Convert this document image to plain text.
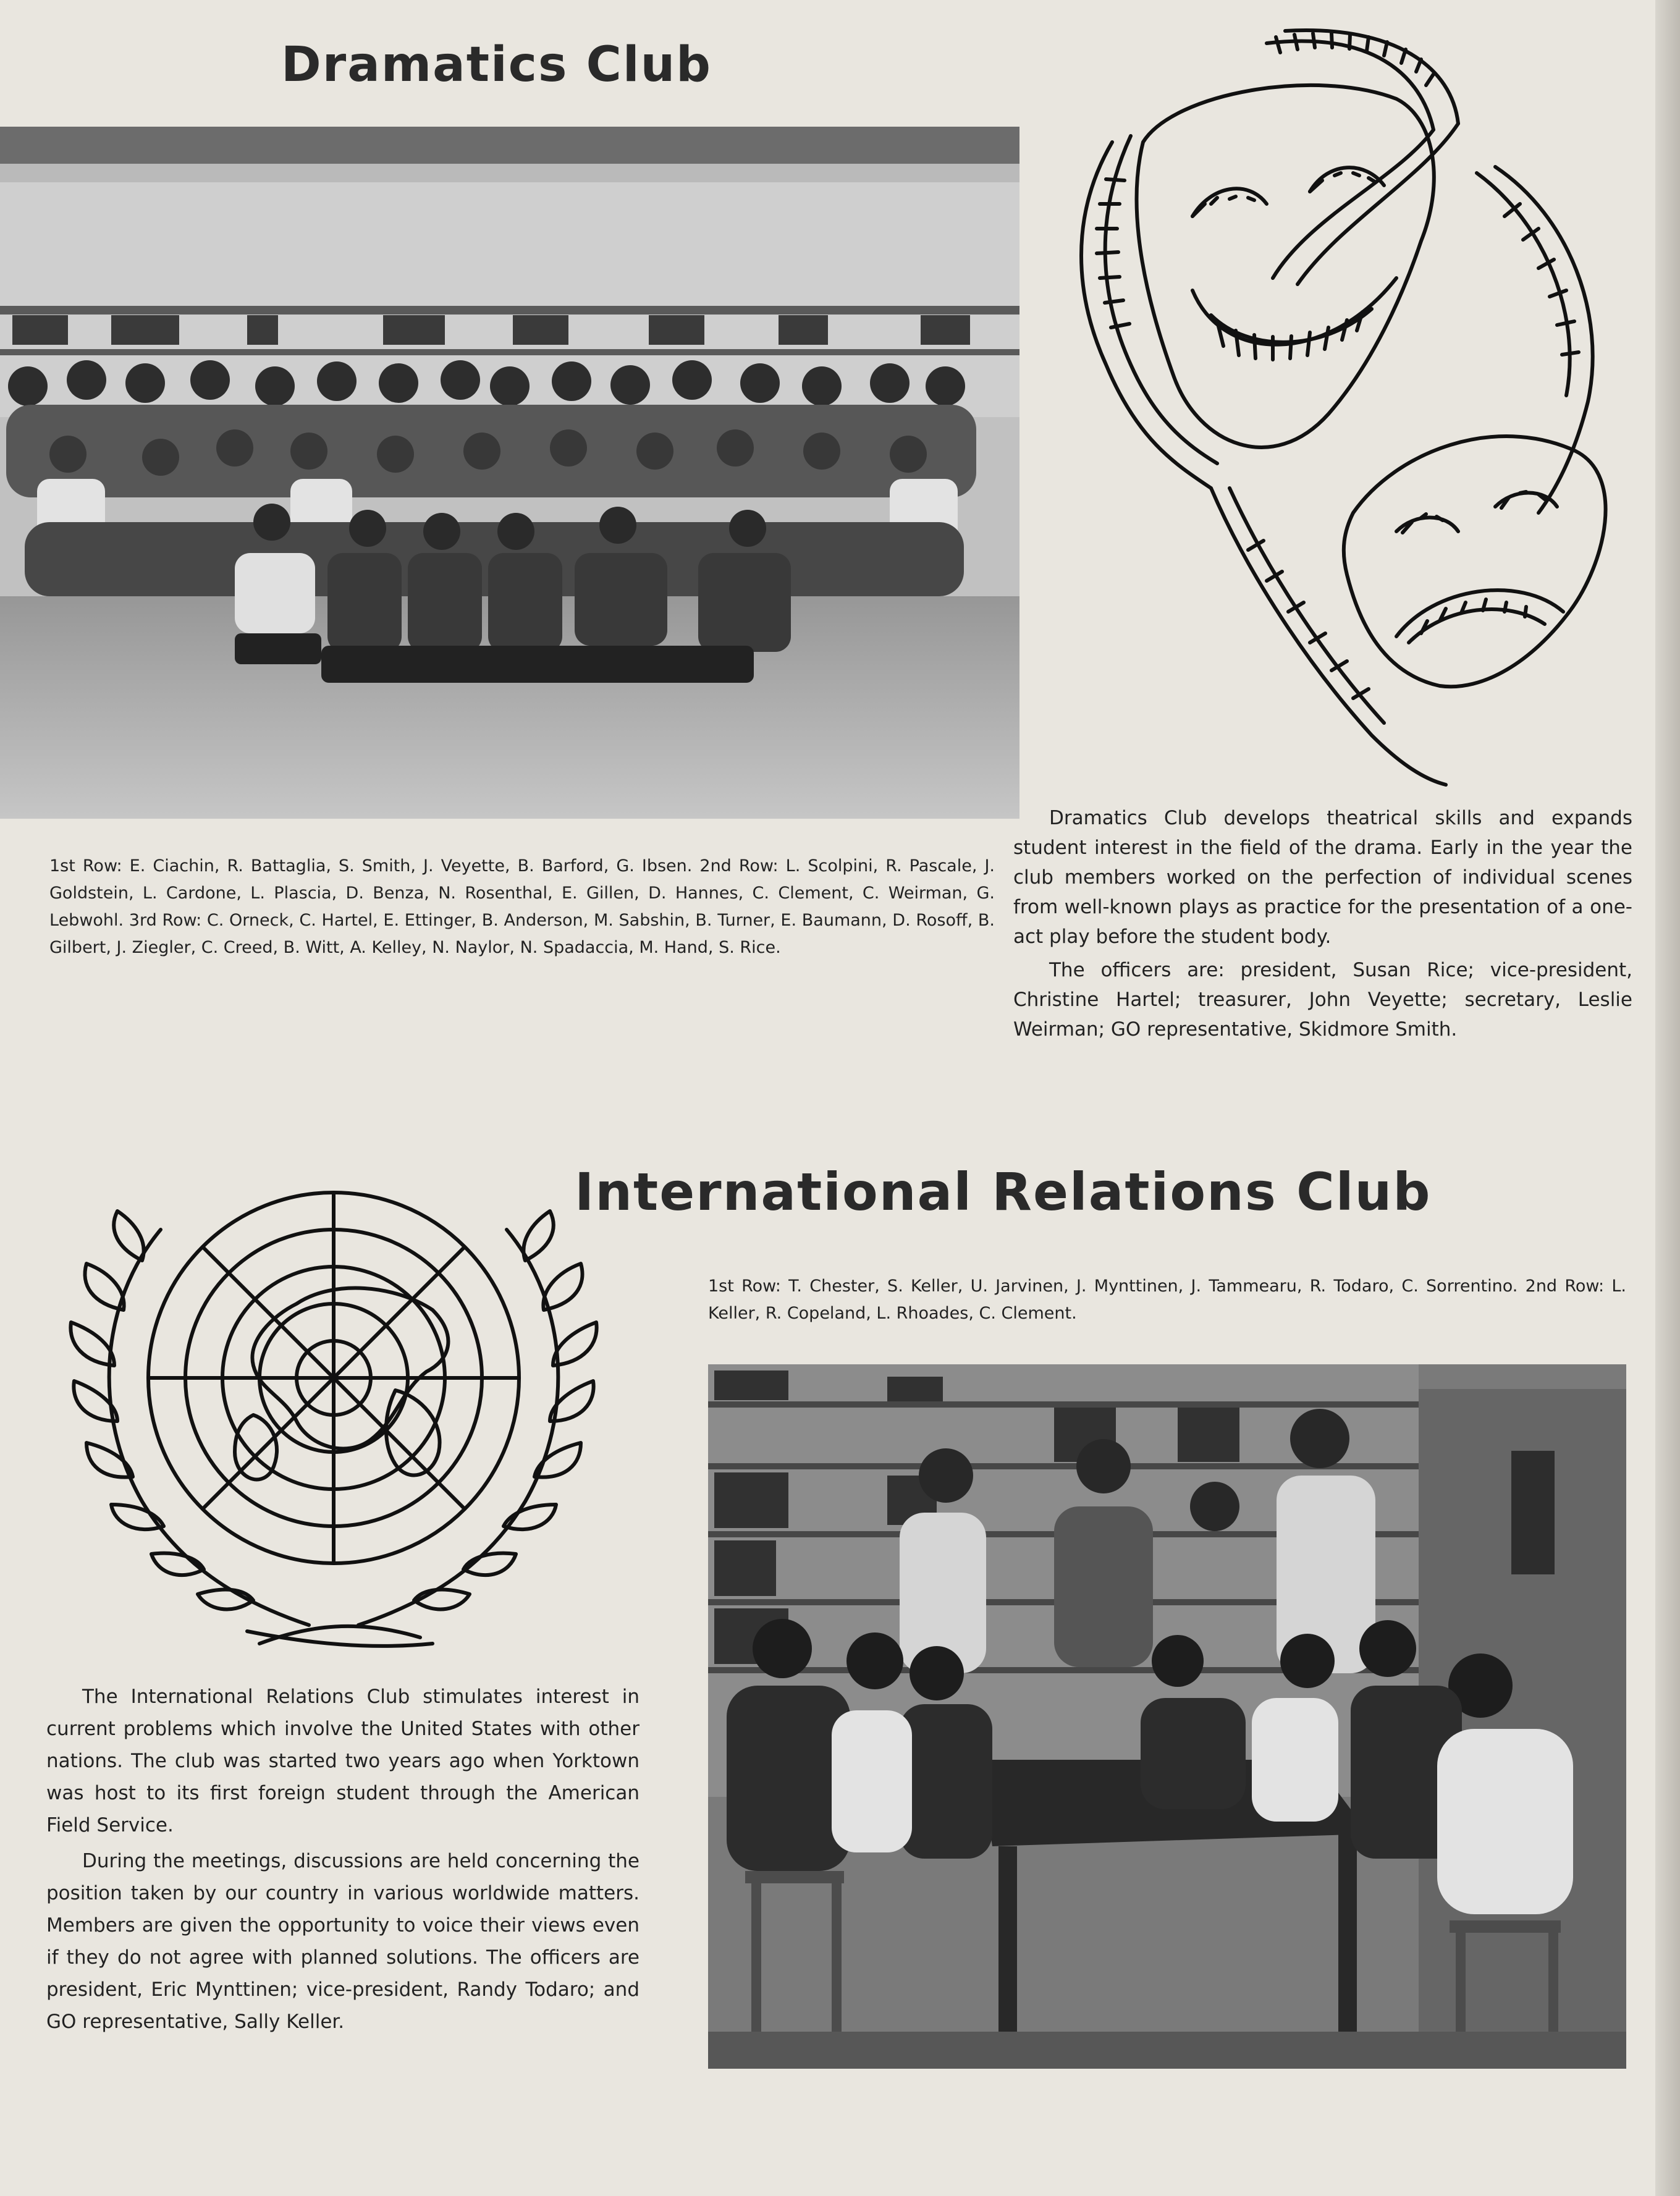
Dramatics Club
1st Row: E. Ciachin, R. Battaglia, S. Smith, J. Veyette, B. Barford, G. Ibsen. 2nd Row: L. Scolpini, R. Pascale, J. Goldstein, L. Cardone, L. Plascia, D. Benza, N. Rosenthal, E. Gillen, D. Hannes, C. Clement, C. Weirman, G. Lebwohl. 3rd Row: C. Orneck, C. Hartel, E. Ettinger, B. Anderson, M. Sabshin, B. Turner, E. Baumann, D. Rosoff, B. Gilbert, J. Ziegler, C. Creed, B. Witt, A. Kelley, N. Naylor, N. Spadaccia, M. Hand, S. Rice.

Dramatics Club develops theatrical skills and expands student interest in the field of the drama. Early in the year the club members worked on the perfection of individual scenes from well-known plays as practice for the presentation of a one-act play before the student body.

The officers are: president, Susan Rice; vice-president, Christine Hartel; treasurer, John Veyette; secretary, Leslie Weirman; GO representative, Skidmore Smith.

International Relations Club
1st Row: T. Chester, S. Keller, U. Jarvinen, J. Mynttinen, J. Tammearu, R. Todaro, C. Sorrentino. 2nd Row: L. Keller, R. Copeland, L. Rhoades, C. Clement.

The International Relations Club stimulates interest in current problems which involve the United States with other nations. The club was started two years ago when Yorktown was host to its first foreign student through the American Field Service.

During the meetings, discussions are held concerning the position taken by our country in various worldwide matters. Members are given the opportunity to voice their views even if they do not agree with planned solutions. The officers are president, Eric Mynttinen; vice-president, Randy Todaro; and GO representative, Sally Keller.
